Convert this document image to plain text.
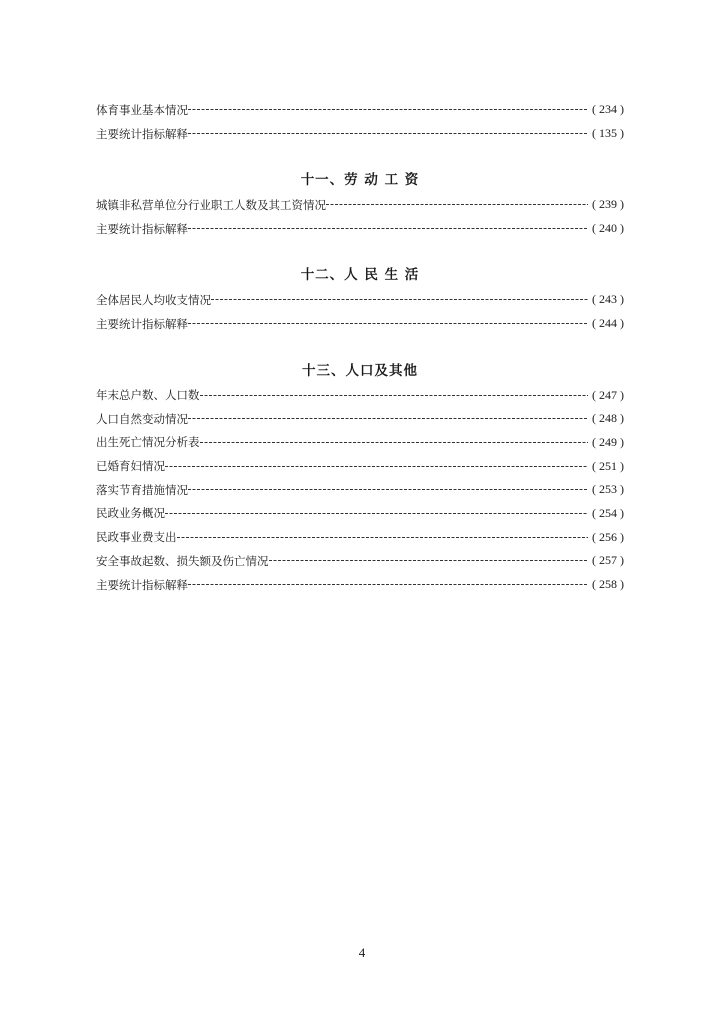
体育事业基本情况	( 234 )
主要统计指标解释	( 135 )
十一、劳 动 工 资
城镇非私营单位分行业职工人数及其工资情况	( 239 )
主要统计指标解释	( 240 )
十二、人 民 生 活
全体居民人均收支情况	( 243 )
主要统计指标解释	( 244 )
十三、人口及其他
年末总户数、人口数	( 247 )
人口自然变动情况	( 248 )
出生死亡情况分析表	( 249 )
已婚育妇情况	( 251 )
落实节育措施情况	( 253 )
民政业务概况	( 254 )
民政事业费支出	( 256 )
安全事故起数、损失额及伤亡情况	( 257 )
主要统计指标解释	( 258 )
4
